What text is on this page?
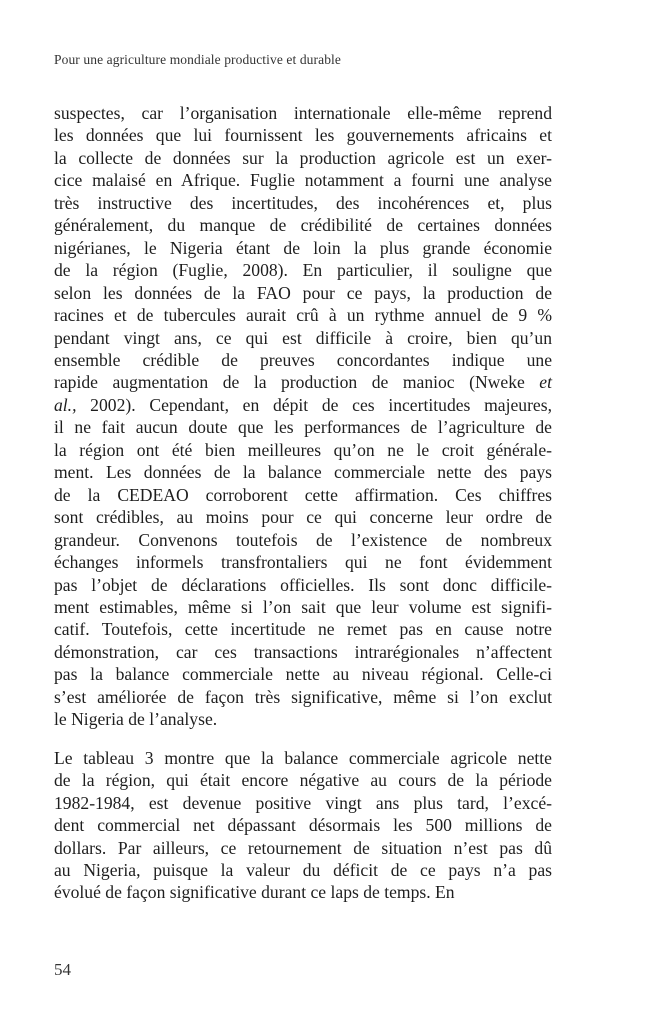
Pour une agriculture mondiale productive et durable
suspectes, car l’organisation internationale elle-même reprend
les données que lui fournissent les gouvernements africains et
la collecte de données sur la production agricole est un exer-
cice malaisé en Afrique. Fuglie notamment a fourni une analyse
très instructive des incertitudes, des incohérences et, plus
généralement, du manque de crédibilité de certaines données
nigérianes, le Nigeria étant de loin la plus grande économie
de la région (Fuglie, 2008). En particulier, il souligne que
selon les données de la FAO pour ce pays, la production de
racines et de tubercules aurait crû à un rythme annuel de 9 %
pendant vingt ans, ce qui est difficile à croire, bien qu’un
ensemble crédible de preuves concordantes indique une
rapide augmentation de la production de manioc (Nweke et
al., 2002). Cependant, en dépit de ces incertitudes majeures,
il ne fait aucun doute que les performances de l’agriculture de
la région ont été bien meilleures qu’on ne le croit générale-
ment. Les données de la balance commerciale nette des pays
de la CEDEAO corroborent cette affirmation. Ces chiffres
sont crédibles, au moins pour ce qui concerne leur ordre de
grandeur. Convenons toutefois de l’existence de nombreux
échanges informels transfrontaliers qui ne font évidemment
pas l’objet de déclarations officielles. Ils sont donc difficile-
ment estimables, même si l’on sait que leur volume est signifi-
catif. Toutefois, cette incertitude ne remet pas en cause notre
démonstration, car ces transactions intrarégionales n’affectent
pas la balance commerciale nette au niveau régional. Celle-ci
s’est améliorée de façon très significative, même si l’on exclut
le Nigeria de l’analyse.
Le tableau 3 montre que la balance commerciale agricole nette
de la région, qui était encore négative au cours de la période
1982-1984, est devenue positive vingt ans plus tard, l’excé-
dent commercial net dépassant désormais les 500 millions de
dollars. Par ailleurs, ce retournement de situation n’est pas dû
au Nigeria, puisque la valeur du déficit de ce pays n’a pas
évolué de façon significative durant ce laps de temps. En
54
